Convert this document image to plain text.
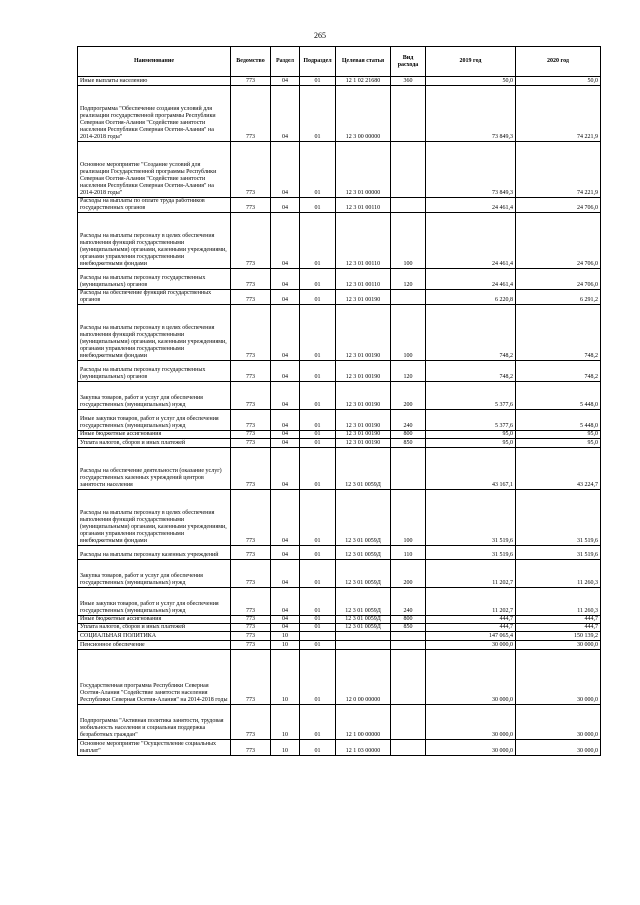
265
Наименование	Ведомство	Раздел	Подраздел	Целевая статья	Вид расхода	2019 год	2020 год
Иные выплаты населению	773	04	01	12 1 02 21680	360	50,0	50,0
Подпрограмма "Обеспечение создания условий для реализации государственной программы Республики Северная Осетия-Алания "Содействие занятости населения Республики Северная Осетия-Алания" на 2014-2018 годы"	773	04	01	12 3 00 00000		73 849,3	74 221,9
Основное мероприятие "Создание условий для реализации Государственной программы Республики Северная Осетия-Алания "Содействие занятости населения Республики Северная Осетия-Алания" на 2014-2018 годы"	773	04	01	12 3 01 00000		73 849,3	74 221,9
Расходы на выплаты по оплате труда работников государственных органов	773	04	01	12 3 01 00110		24 461,4	24 706,0
Расходы на выплаты персоналу в целях обеспечения выполнения функций государственными (муниципальными) органами, казенными учреждениями, органами управления государственными внебюджетными фондами	773	04	01	12 3 01 00110	100	24 461,4	24 706,0
Расходы на выплаты персоналу государственных (муниципальных) органов	773	04	01	12 3 01 00110	120	24 461,4	24 706,0
Расходы на обеспечение функций государственных органов	773	04	01	12 3 01 00190		6 220,8	6 291,2
Расходы на выплаты персоналу в целях обеспечения выполнения функций государственными (муниципальными) органами, казенными учреждениями, органами управления государственными внебюджетными фондами	773	04	01	12 3 01 00190	100	748,2	748,2
Расходы на выплаты персоналу государственных (муниципальных) органов	773	04	01	12 3 01 00190	120	748,2	748,2
Закупка товаров, работ и услуг для обеспечения государственных (муниципальных) нужд	773	04	01	12 3 01 00190	200	5 377,6	5 448,0
Иные закупки товаров, работ и услуг для обеспечения государственных (муниципальных) нужд	773	04	01	12 3 01 00190	240	5 377,6	5 448,0
Иные бюджетные ассигнования	773	04	01	12 3 01 00190	800	95,0	95,0
Уплата налогов, сборов и иных платежей	773	04	01	12 3 01 00190	850	95,0	95,0
Расходы на обеспечение деятельности (оказание услуг) государственных казенных учреждений центров занятости населения	773	04	01	12 3 01 0059Д		43 167,1	43 224,7
Расходы на выплаты персоналу в целях обеспечения выполнения функций государственными (муниципальными) органами, казенными учреждениями, органами управления государственными внебюджетными фондами	773	04	01	12 3 01 0059Д	100	31 519,6	31 519,6
Расходы на выплаты персоналу казенных учреждений	773	04	01	12 3 01 0059Д	110	31 519,6	31 519,6
Закупка товаров, работ и услуг для обеспечения государственных (муниципальных) нужд	773	04	01	12 3 01 0059Д	200	11 202,7	11 260,3
Иные закупки товаров, работ и услуг для обеспечения государственных (муниципальных) нужд	773	04	01	12 3 01 0059Д	240	11 202,7	11 260,3
Иные бюджетные ассигнования	773	04	01	12 3 01 0059Д	800	444,7	444,7
Уплата налогов, сборов и иных платежей	773	04	01	12 3 01 0059Д	850	444,7	444,7
СОЦИАЛЬНАЯ ПОЛИТИКА	773	10				147 065,4	150 139,2
Пенсионное обеспечение	773	10	01			30 000,0	30 000,0
Государственная программа Республики Северная Осетия-Алания "Содействие занятости населения Республики Северная Осетия-Алания" на 2014-2018 годы	773	10	01	12 0 00 00000		30 000,0	30 000,0
Подпрограмма "Активная политика занятости, трудовая мобильность населения и социальная поддержка безработных граждан"	773	10	01	12 1 00 00000		30 000,0	30 000,0
Основное мероприятие "Осуществление социальных выплат"	773	10	01	12 1 03 00000		30 000,0	30 000,0
